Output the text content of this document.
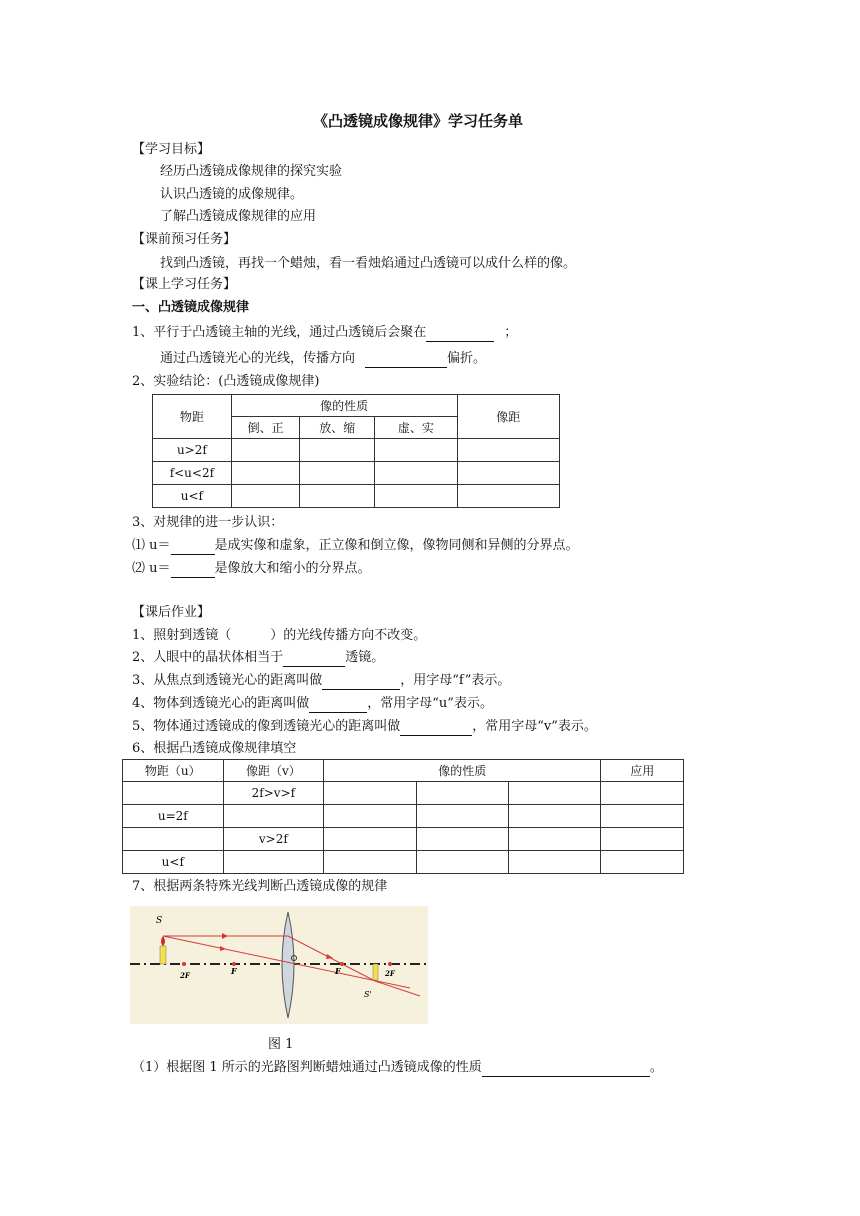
《凸透镜成像规律》学习任务单
【学习目标】
经历凸透镜成像规律的探究实验
认识凸透镜的成像规律。
了解凸透镜成像规律的应用
【课前预习任务】
找到凸透镜，再找一个蜡烛，看一看烛焰通过凸透镜可以成什么样的像。
【课上学习任务】
一、凸透镜成像规律
1、平行于凸透镜主轴的光线，通过凸透镜后会聚在	；
通过凸透镜光心的光线，传播方向	偏折。
2、实验结论：(凸透镜成像规律)
物距	像的性质			像距
	倒、正	放、缩	虚、实	
u>2f				
f<u<2f				
u<f				
3、对规律的进一步认识：
⑴ u＝	是成实像和虚象，正立像和倒立像，像物同侧和异侧的分界点。
⑵ u＝	是像放大和缩小的分界点。
【课后作业】
1、照射到透镜（　　　）的光线传播方向不改变。
2、人眼中的晶状体相当于	透镜。
3、从焦点到透镜光心的距离叫做	，用字母“f”表示。
4、物体到透镜光心的距离叫做	，常用字母“u”表示。
5、物体通过透镜成的像到透镜光心的距离叫做	，常用字母“v”表示。
6、根据凸透镜成像规律填空
物距（u）	像距（v）	像的性质			应用
	2f>v>f				
u=2f					
	v>2f				
u<f					
7、根据两条特殊光线判断凸透镜成像的规律
S
2F	F	F	2F
S'
图 1
（1）根据图 1 所示的光路图判断蜡烛通过凸透镜成像的性质	。
